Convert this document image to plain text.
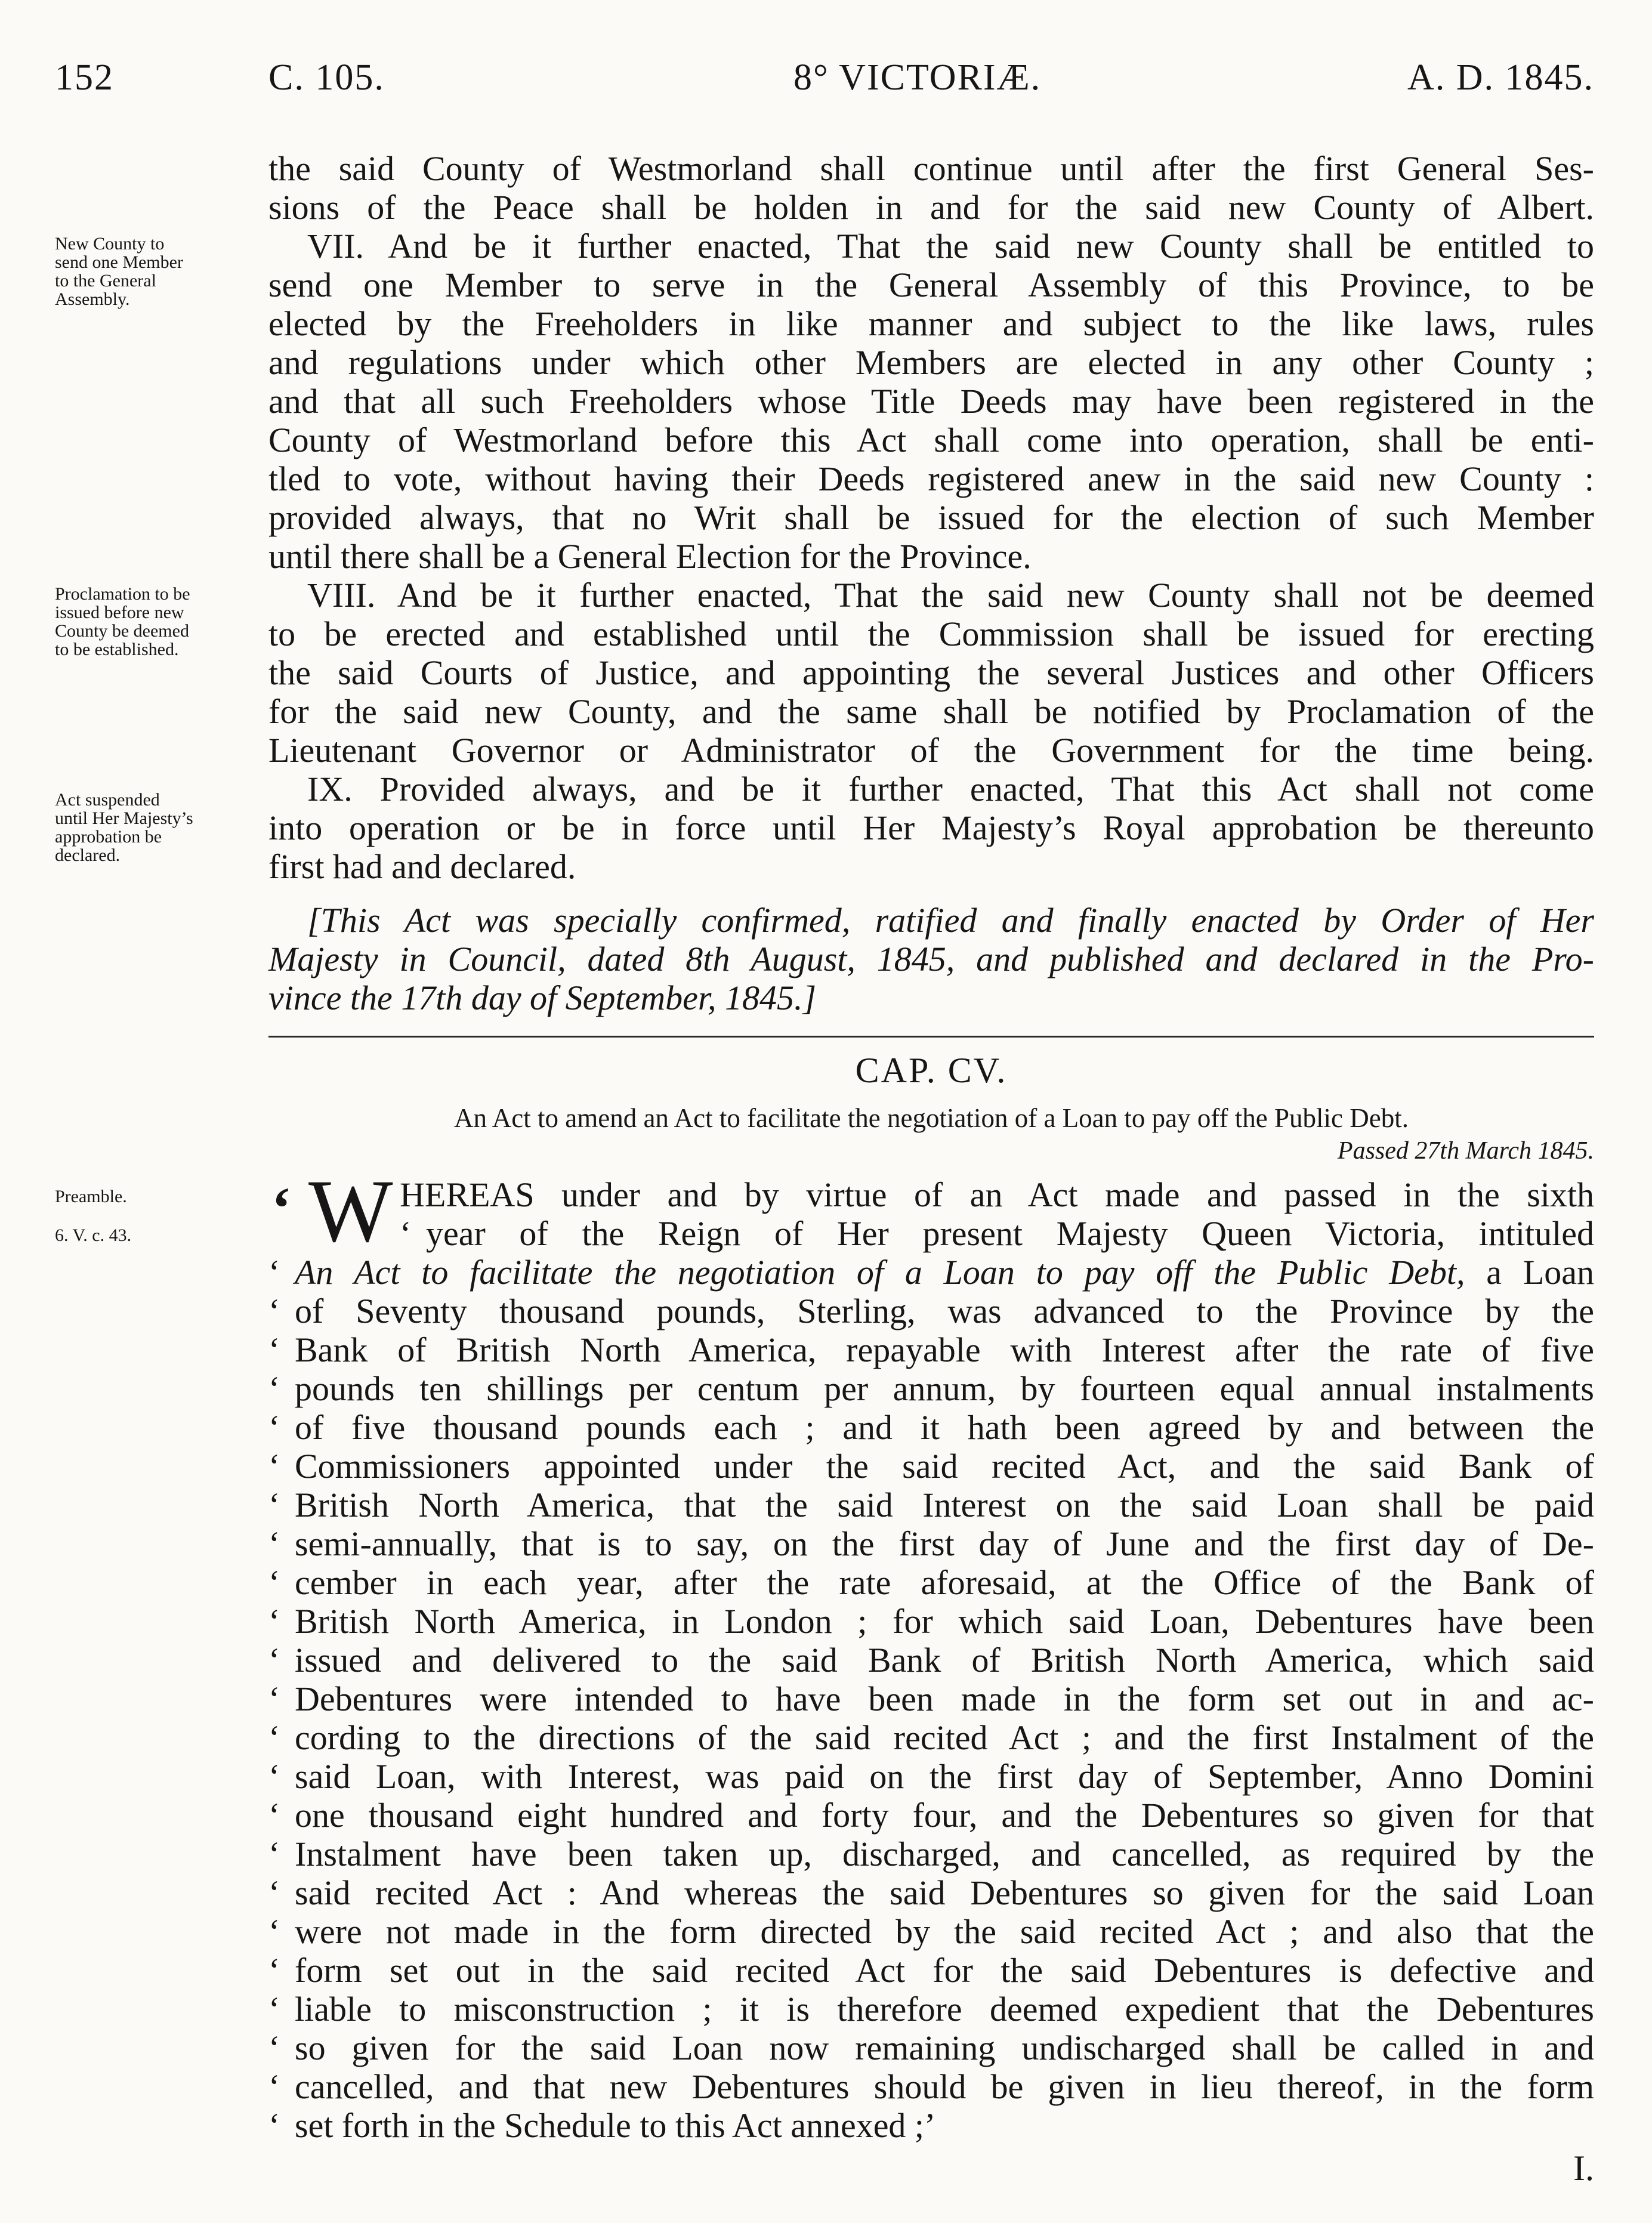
152	C. 105.	8° VICTORIÆ.	A. D. 1845.
New County to
send one Member
to the General
Assembly.
Proclamation to be
issued before new
County be deemed
to be established.
Act suspended
until Her Majesty’s
approbation be
declared.
Preamble.
6. V. c. 43.
the said County of Westmorland shall continue until after the first General Ses-
sions of the Peace shall be holden in and for the said new County of Albert.
VII. And be it further enacted, That the said new County shall be entitled to
send one Member to serve in the General Assembly of this Province, to be
elected by the Freeholders in like manner and subject to the like laws, rules
and regulations under which other Members are elected in any other County ;
and that all such Freeholders whose Title Deeds may have been registered in the
County of Westmorland before this Act shall come into operation, shall be enti-
tled to vote, without having their Deeds registered anew in the said new County :
provided always, that no Writ shall be issued for the election of such Member
until there shall be a General Election for the Province.
VIII. And be it further enacted, That the said new County shall not be deemed
to be erected and established until the Commission shall be issued for erecting
the said Courts of Justice, and appointing the several Justices and other Officers
for the said new County, and the same shall be notified by Proclamation of the
Lieutenant Governor or Administrator of the Government for the time being.
IX. Provided always, and be it further enacted, That this Act shall not come
into operation or be in force until Her Majesty’s Royal approbation be thereunto
first had and declared.
[This Act was specially confirmed, ratified and finally enacted by Order of Her
Majesty in Council, dated 8th August, 1845, and published and declared in the Pro-
vince the 17th day of September, 1845.]
CAP. CV.
An Act to amend an Act to facilitate the negotiation of a Loan to pay off the Public Debt.
Passed 27th March 1845.
‘ W HEREAS under and by virtue of an Act made and passed in the sixth
‘ year of the Reign of Her present Majesty Queen Victoria, intituled
‘ An Act to facilitate the negotiation of a Loan to pay off the Public Debt, a Loan
‘ of Seventy thousand pounds, Sterling, was advanced to the Province by the
‘ Bank of British North America, repayable with Interest after the rate of five
‘ pounds ten shillings per centum per annum, by fourteen equal annual instalments
‘ of five thousand pounds each ; and it hath been agreed by and between the
‘ Commissioners appointed under the said recited Act, and the said Bank of
‘ British North America, that the said Interest on the said Loan shall be paid
‘ semi-annually, that is to say, on the first day of June and the first day of De-
‘ cember in each year, after the rate aforesaid, at the Office of the Bank of
‘ British North America, in London ; for which said Loan, Debentures have been
‘ issued and delivered to the said Bank of British North America, which said
‘ Debentures were intended to have been made in the form set out in and ac-
‘ cording to the directions of the said recited Act ; and the first Instalment of the
‘ said Loan, with Interest, was paid on the first day of September, Anno Domini
‘ one thousand eight hundred and forty four, and the Debentures so given for that
‘ Instalment have been taken up, discharged, and cancelled, as required by the
‘ said recited Act : And whereas the said Debentures so given for the said Loan
‘ were not made in the form directed by the said recited Act ; and also that the
‘ form set out in the said recited Act for the said Debentures is defective and
‘ liable to misconstruction ; it is therefore deemed expedient that the Debentures
‘ so given for the said Loan now remaining undischarged shall be called in and
‘ cancelled, and that new Debentures should be given in lieu thereof, in the form
‘ set forth in the Schedule to this Act annexed ;’
I.
